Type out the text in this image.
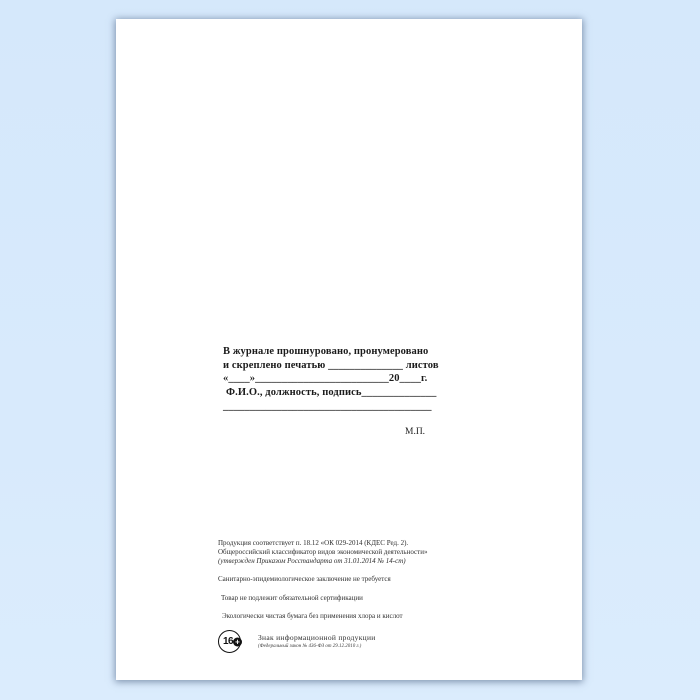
В журнале прошнуровано, пронумеровано
и скреплено печатью ______________ листов
«____»_________________________20____г.
Ф.И.О., должность, подпись______________
_______________________________________
М.П.
Продукция соответствует п. 18.12 «ОК 029-2014 (КДЕС Ред. 2).
Общероссийский классификатор видов экономической деятельности»
(утвержден Приказом Росстандарта от 31.01.2014 № 14-ст)
Санитарно-эпидемиологическое заключение не требуется
Товар не подлежит обязательной сертификации
Экологически чистая бумага без применения хлора и кислот
16 + Знак информационной продукции
(Федеральный закон № 436-ФЗ от 29.12.2010 г.)
